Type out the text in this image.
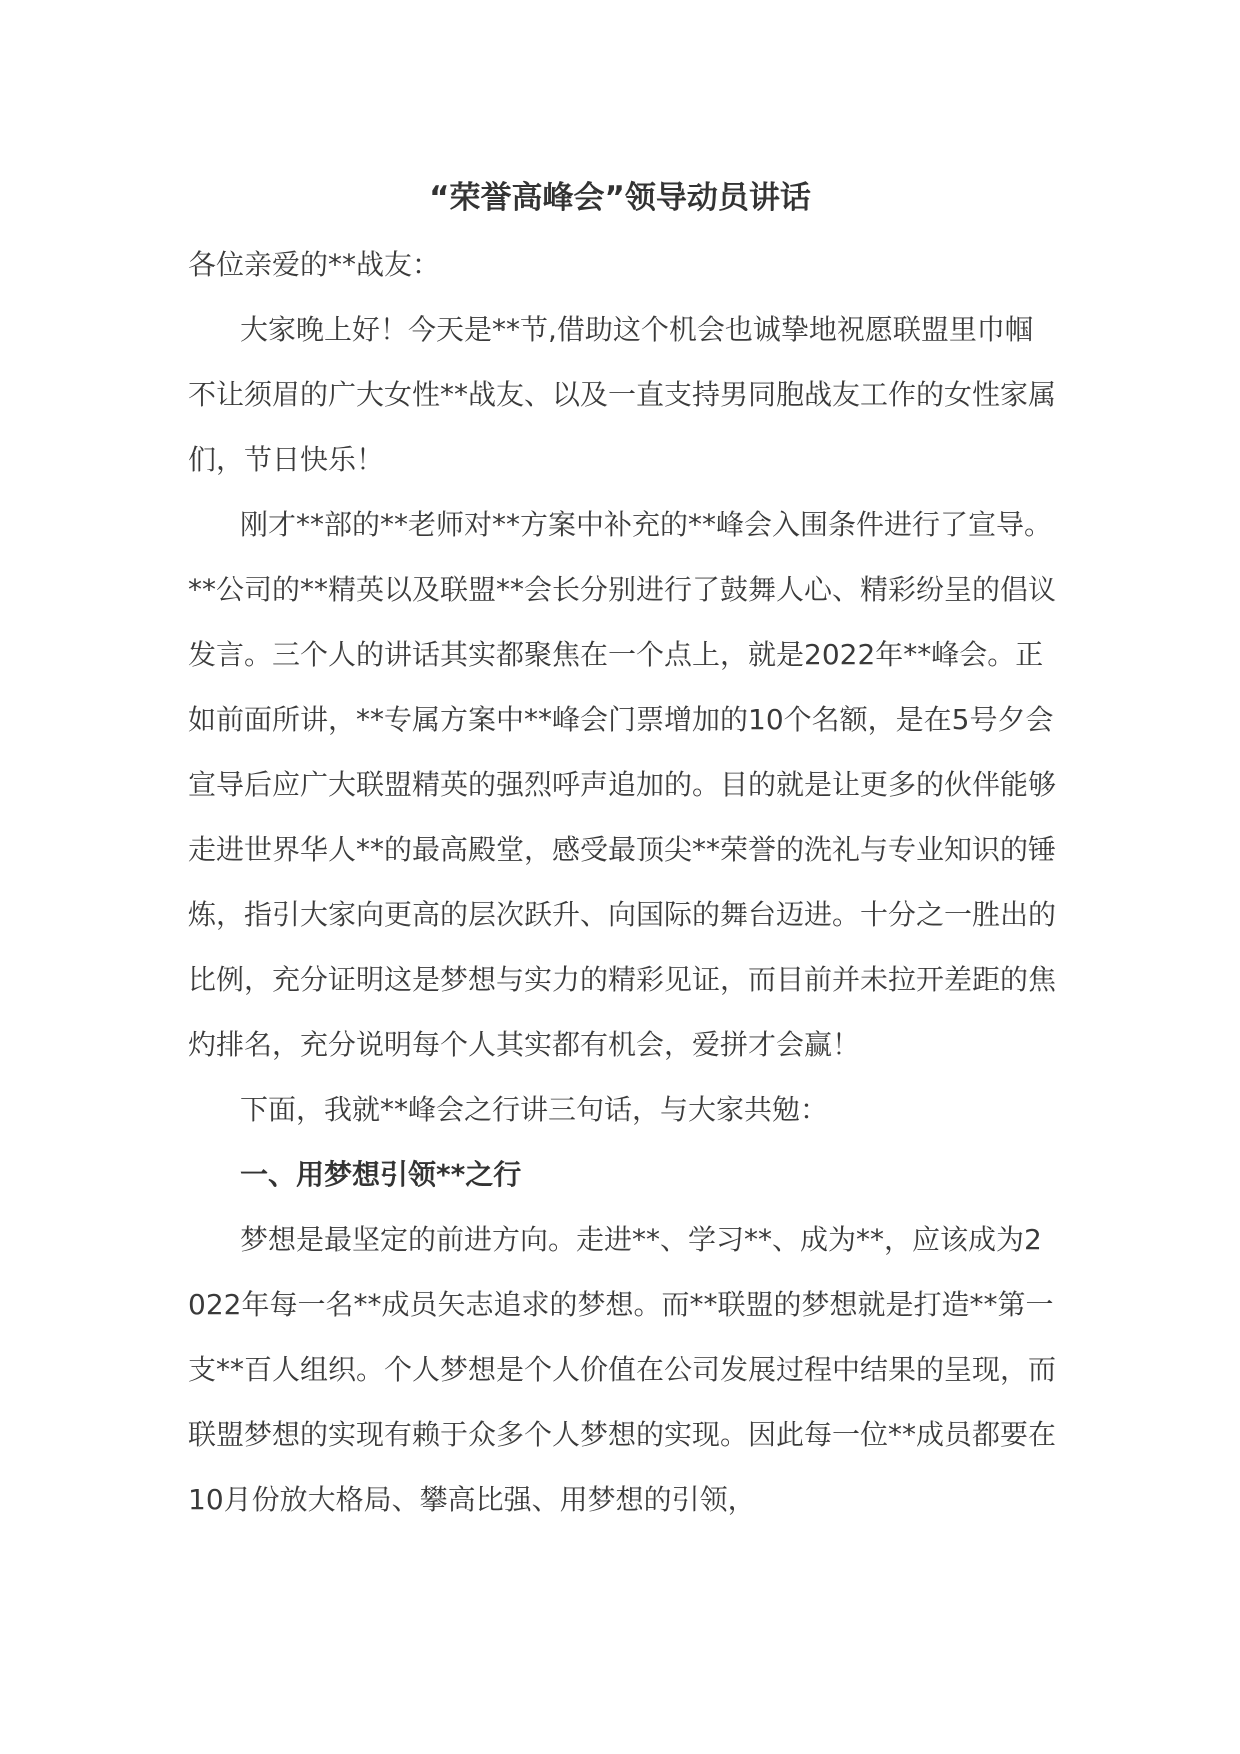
“荣誉高峰会”领导动员讲话

各位亲爱的**战友：

大家晚上好！今天是**节,借助这个机会也诚挚地祝愿联盟里巾帼不让须眉的广大女性**战友、以及一直支持男同胞战友工作的女性家属们，节日快乐！

刚才**部的**老师对**方案中补充的**峰会入围条件进行了宣导。**公司的**精英以及联盟**会长分别进行了鼓舞人心、精彩纷呈的倡议发言。三个人的讲话其实都聚焦在一个点上，就是2022年**峰会。正如前面所讲，**专属方案中**峰会门票增加的10个名额，是在5号夕会宣导后应广大联盟精英的强烈呼声追加的。目的就是让更多的伙伴能够走进世界华人**的最高殿堂，感受最顶尖**荣誉的洗礼与专业知识的锤炼，指引大家向更高的层次跃升、向国际的舞台迈进。十分之一胜出的比例，充分证明这是梦想与实力的精彩见证，而目前并未拉开差距的焦灼排名，充分说明每个人其实都有机会，爱拼才会赢！

下面，我就**峰会之行讲三句话，与大家共勉：

一、用梦想引领**之行

梦想是最坚定的前进方向。走进**、学习**、成为**，应该成为2022年每一名**成员矢志追求的梦想。而**联盟的梦想就是打造**第一支**百人组织。个人梦想是个人价值在公司发展过程中结果的呈现，而联盟梦想的实现有赖于众多个人梦想的实现。因此每一位**成员都要在10月份放大格局、攀高比强、用梦想的引领，
